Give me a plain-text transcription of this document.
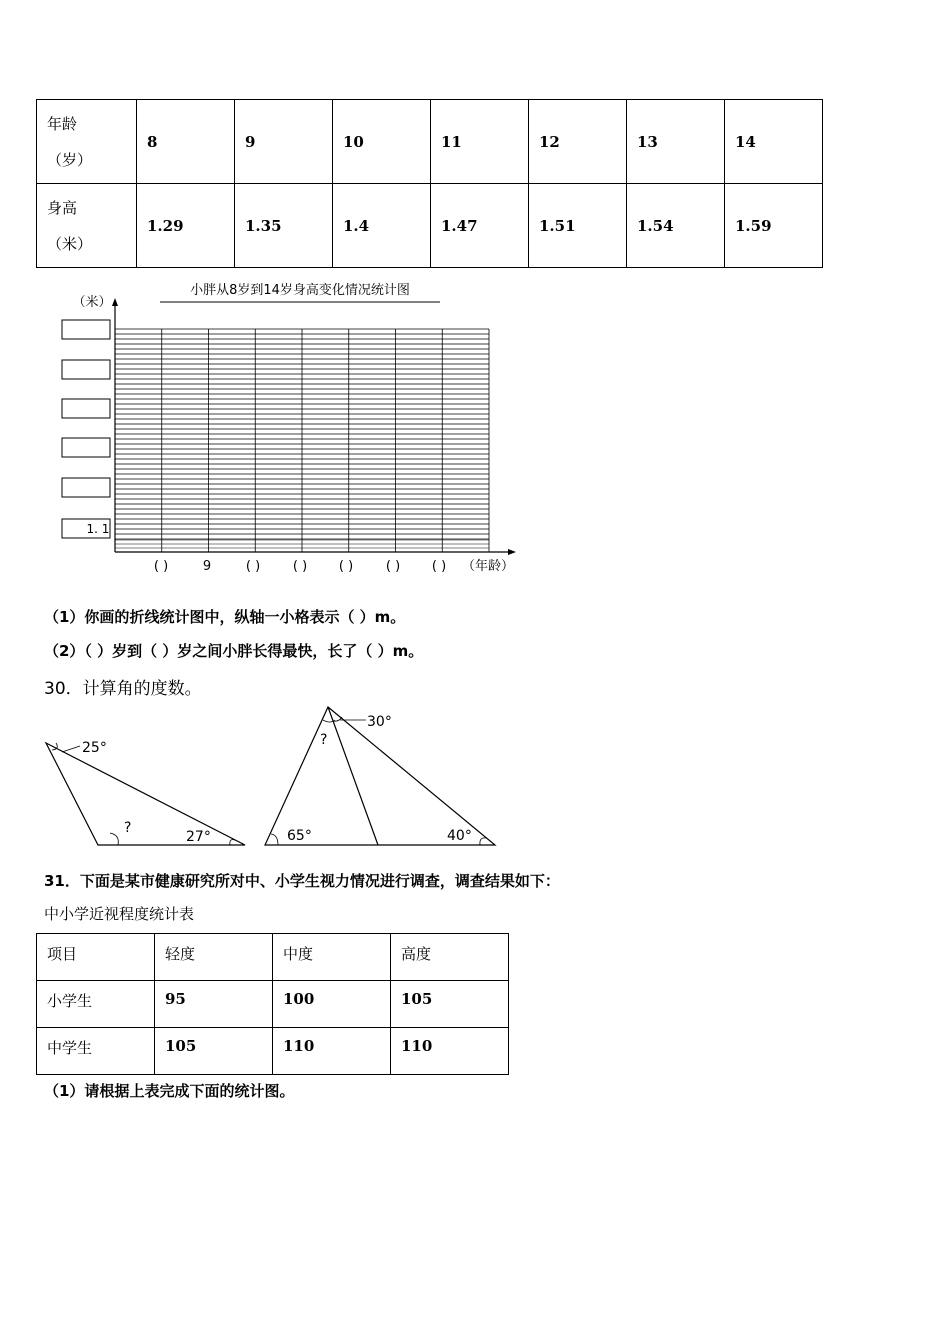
年龄
（岁）	8	9	10	11	12	13	14

身高
（米）	1.29	1.35	1.4	1.47	1.51	1.54	1.59
小胖从8岁到14岁身高变化情况统计图
（米）
1. 1
( )	9	( )	( ) ( )	( ) ( ) （年龄）
（1）你画的折线统计图中，纵轴一小格表示（ ）m。
（2）（ ）岁到（ ）岁之间小胖长得最快，长了（ ）m。
30．计算角的度数。
25°
?
27°
30°
?
65°	40°
31．下面是某市健康研究所对中、小学生视力情况进行调查，调查结果如下：
中小学近视程度统计表
项目	轻度	中度	高度
小学生	95	100	105
中学生	105	110	110
（1）请根据上表完成下面的统计图。
